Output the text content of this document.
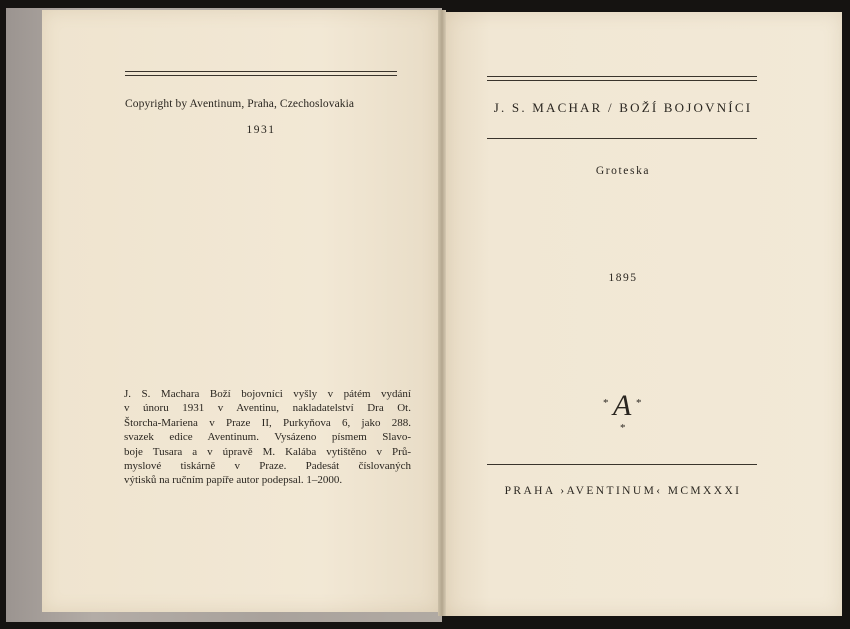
Copyright by Aventinum, Praha, Czechoslovakia
1931
J. S. Machara Boží bojovníci vyšly v pátém vydání
v únoru 1931 v Aventinu, nakladatelství Dra Ot.
Štorcha-Mariena v Praze II, Purkyňova 6, jako 288.
svazek edice Aventinum. Vysázeno písmem Slavo-
boje Tusara a v úpravě M. Kalába vytištěno v Prů-
myslové tiskárně v Praze. Padesát číslovaných
výtisků na ručním papíře autor podepsal. 1–2000.
J. S. MACHAR / BOŽÍ BOJOVNÍCI
Groteska
1895
* A *
*
PRAHA ›AVENTINUM‹ MCMXXXI
